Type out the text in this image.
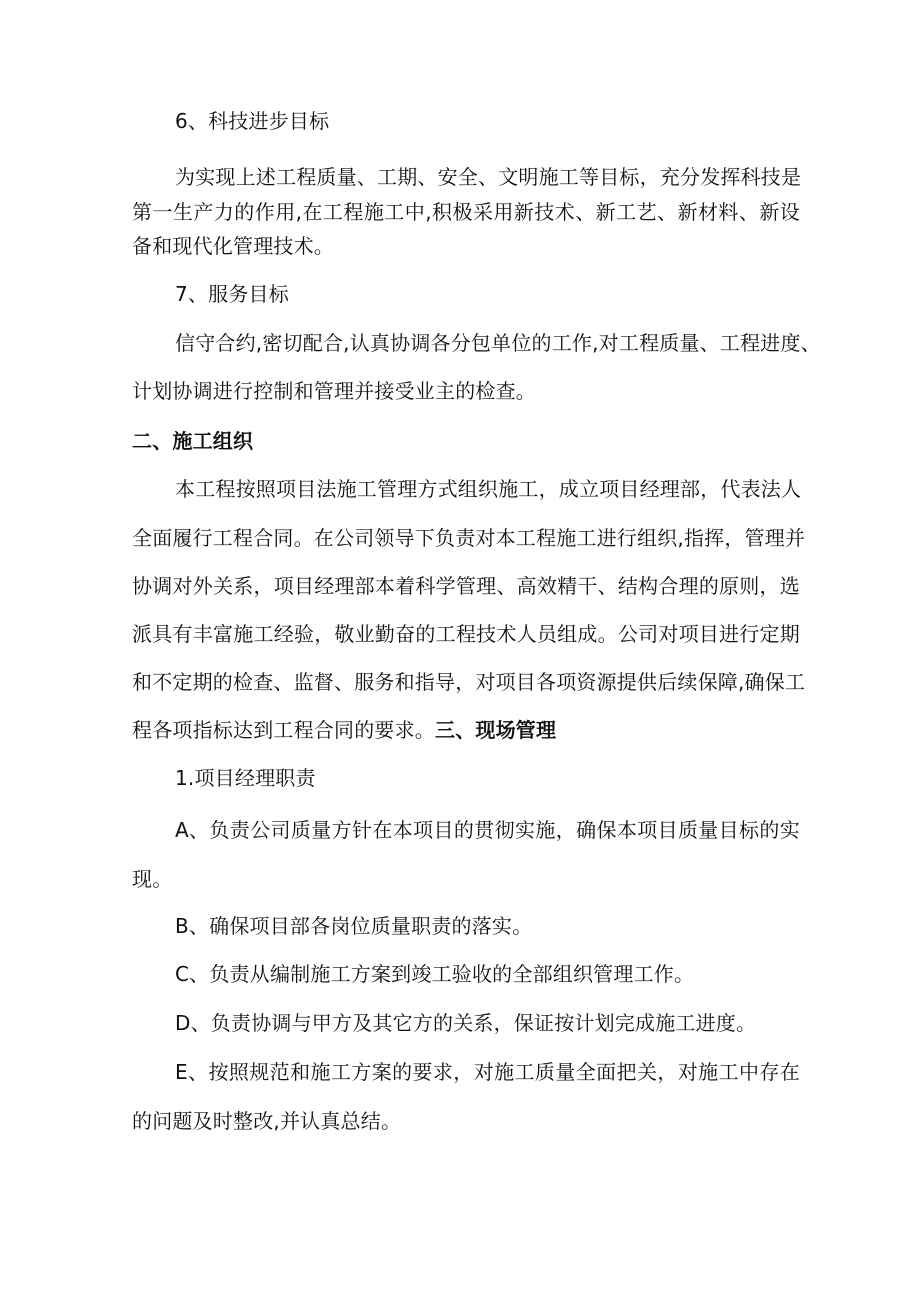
6、科技进步目标
为实现上述工程质量、工期、安全、文明施工等目标，充分发挥科技是
第一生产力的作用,在工程施工中,积极采用新技术、新工艺、新材料、新设
备和现代化管理技术。
7、服务目标
信守合约,密切配合,认真协调各分包单位的工作,对工程质量、工程进度、
计划协调进行控制和管理并接受业主的检查。
二、施工组织
本工程按照项目法施工管理方式组织施工，成立项目经理部，代表法人
全面履行工程合同。在公司领导下负责对本工程施工进行组织,指挥，管理并
协调对外关系，项目经理部本着科学管理、高效精干、结构合理的原则，选
派具有丰富施工经验，敬业勤奋的工程技术人员组成。公司对项目进行定期
和不定期的检查、监督、服务和指导，对项目各项资源提供后续保障,确保工
程各项指标达到工程合同的要求。三、现场管理
1.项目经理职责
A、负责公司质量方针在本项目的贯彻实施，确保本项目质量目标的实
现。
B、确保项目部各岗位质量职责的落实。
C、负责从编制施工方案到竣工验收的全部组织管理工作。
D、负责协调与甲方及其它方的关系，保证按计划完成施工进度。
E、按照规范和施工方案的要求，对施工质量全面把关，对施工中存在
的问题及时整改,并认真总结。
